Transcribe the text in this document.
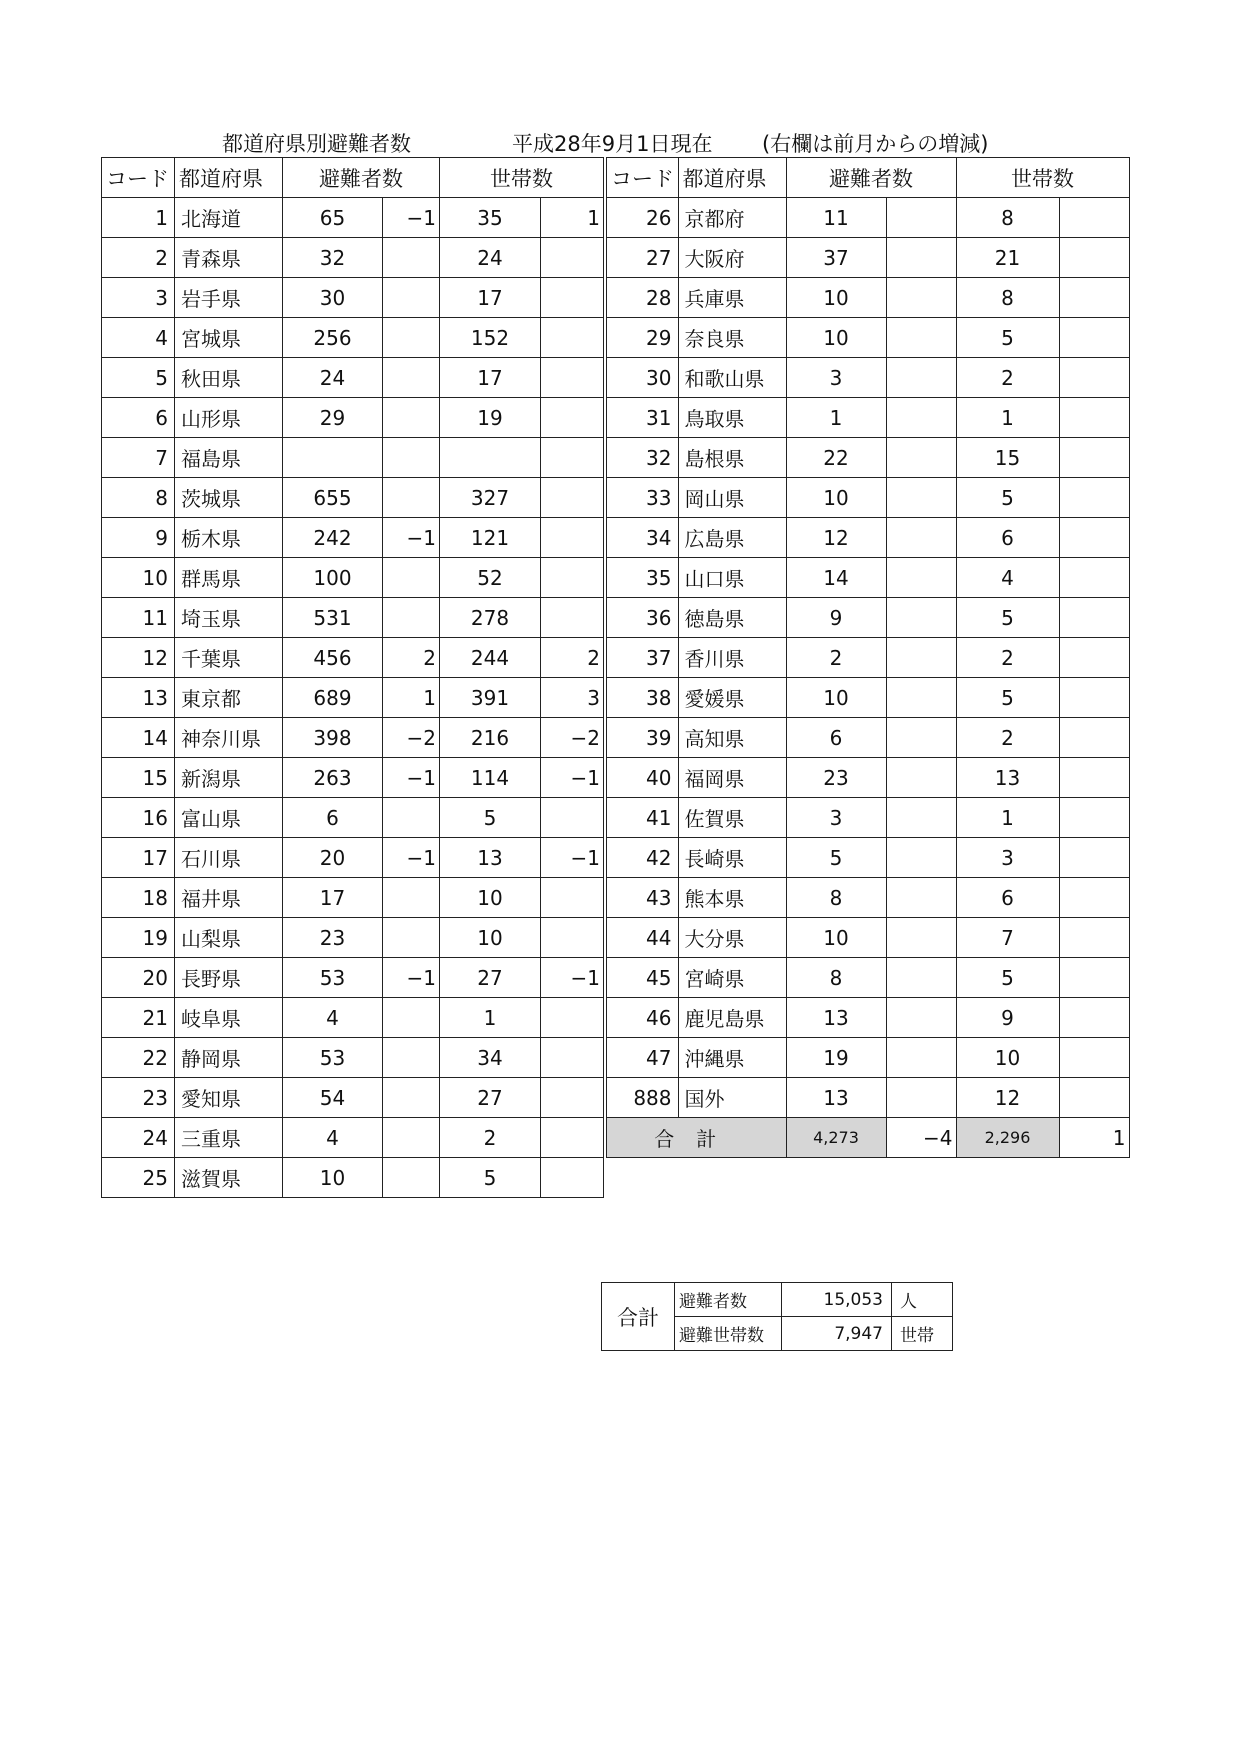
都道府県別避難者数	平成28年9月1日現在 (右欄は前月からの増減)
コード	都道府県	避難者数		世帯数	
1	北海道	65	−1	35	1
2	青森県	32		24	
3	岩手県	30		17	
4	宮城県	256		152	
5	秋田県	24		17	
6	山形県	29		19	
7	福島県				
8	茨城県	655		327	
9	栃木県	242	−1	121	
10	群馬県	100		52	
11	埼玉県	531		278	
12	千葉県	456	2	244	2
13	東京都	689	1	391	3
14	神奈川県	398	−2	216	−2
15	新潟県	263	−1	114	−1
16	富山県	6		5	
17	石川県	20	−1	13	−1
18	福井県	17		10	
19	山梨県	23		10	
20	長野県	53	−1	27	−1
21	岐阜県	4		1	
22	静岡県	53		34	
23	愛知県	54		27	
24	三重県	4		2	
25	滋賀県	10		5	
コード	都道府県	避難者数		世帯数	
26	京都府	11		8	
27	大阪府	37		21	
28	兵庫県	10		8	
29	奈良県	10		5	
30	和歌山県	3		2	
31	鳥取県	1		1	
32	島根県	22		15	
33	岡山県	10		5	
34	広島県	12		6	
35	山口県	14		4	
36	徳島県	9		5	
37	香川県	2		2	
38	愛媛県	10		5	
39	高知県	6		2	
40	福岡県	23		13	
41	佐賀県	3		1	
42	長崎県	5		3	
43	熊本県	8		6	
44	大分県	10		7	
45	宮崎県	8		5	
46	鹿児島県	13		9	
47	沖縄県	19		10	
888	国外	13		12	
合計		4,273	−4	2,296	1
合計	避難者数	15,053	人
	避難世帯数	7,947	世帯
